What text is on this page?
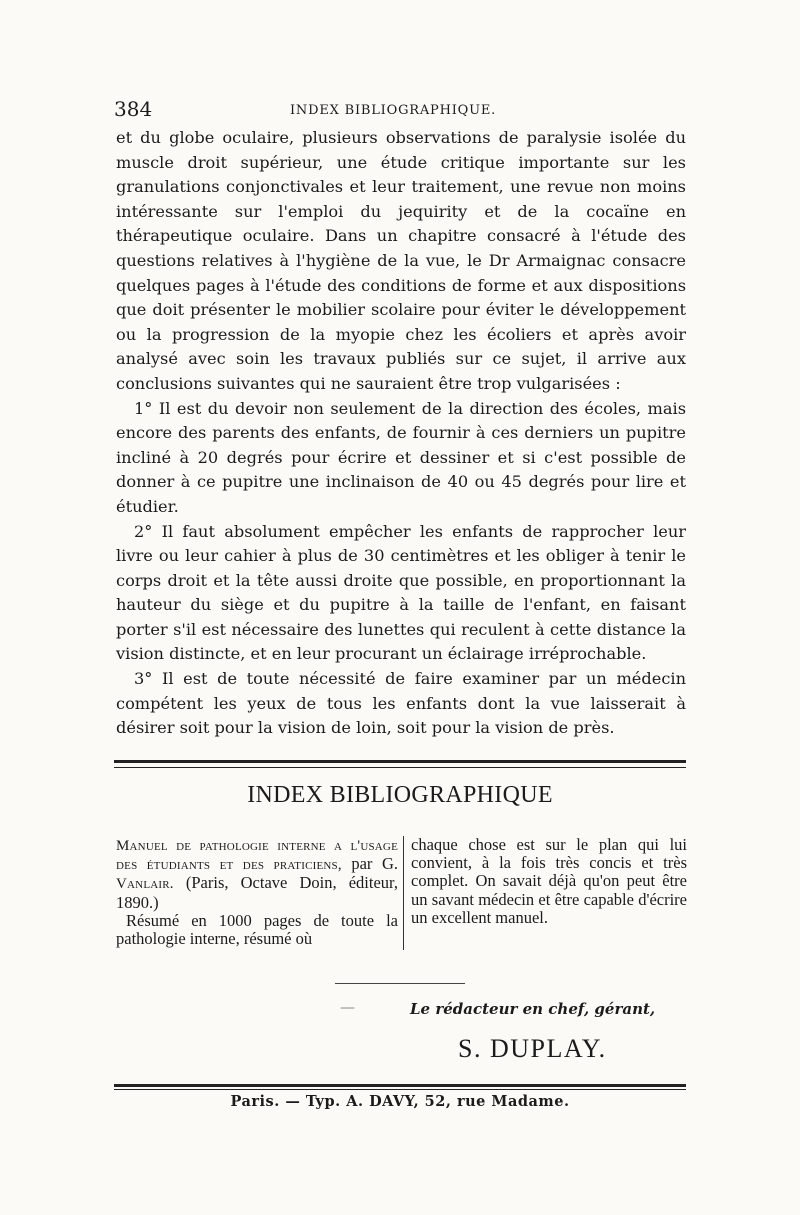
384	INDEX BIBLIOGRAPHIQUE.

et du globe oculaire, plusieurs observations de paralysie isolée du muscle droit supérieur, une étude critique importante sur les granulations conjonctivales et leur traitement, une revue non moins intéressante sur l'emploi du jequirity et de la cocaïne en thérapeutique oculaire. Dans un chapitre consacré à l'étude des questions relatives à l'hygiène de la vue, le Dr Armaignac consacre quelques pages à l'étude des conditions de forme et aux dispositions que doit présenter le mobilier scolaire pour éviter le développement ou la progression de la myopie chez les écoliers et après avoir analysé avec soin les travaux publiés sur ce sujet, il arrive aux conclusions suivantes qui ne sauraient être trop vulgarisées :

1° Il est du devoir non seulement de la direction des écoles, mais encore des parents des enfants, de fournir à ces derniers un pupitre incliné à 20 degrés pour écrire et dessiner et si c'est possible de donner à ce pupitre une inclinaison de 40 ou 45 degrés pour lire et étudier.

2° Il faut absolument empêcher les enfants de rapprocher leur livre ou leur cahier à plus de 30 centimètres et les obliger à tenir le corps droit et la tête aussi droite que possible, en proportionnant la hauteur du siège et du pupitre à la taille de l'enfant, en faisant porter s'il est nécessaire des lunettes qui reculent à cette distance la vision distincte, et en leur procurant un éclairage irréprochable.

3° Il est de toute nécessité de faire examiner par un médecin compétent les yeux de tous les enfants dont la vue laisserait à désirer soit pour la vision de loin, soit pour la vision de près.

INDEX BIBLIOGRAPHIQUE

Manuel de pathologie interne a l'usage des étudiants et des praticiens, par G. Vanlair. (Paris, Octave Doin, éditeur, 1890.)

Résumé en 1000 pages de toute la pathologie interne, résumé où

chaque chose est sur le plan qui lui convient, à la fois très concis et très complet. On savait déjà qu'on peut être un savant médecin et être capable d'écrire un excellent manuel.

—	Le rédacteur en chef, gérant,
S. DUPLAY.
Paris. — Typ. A. DAVY, 52, rue Madame.
